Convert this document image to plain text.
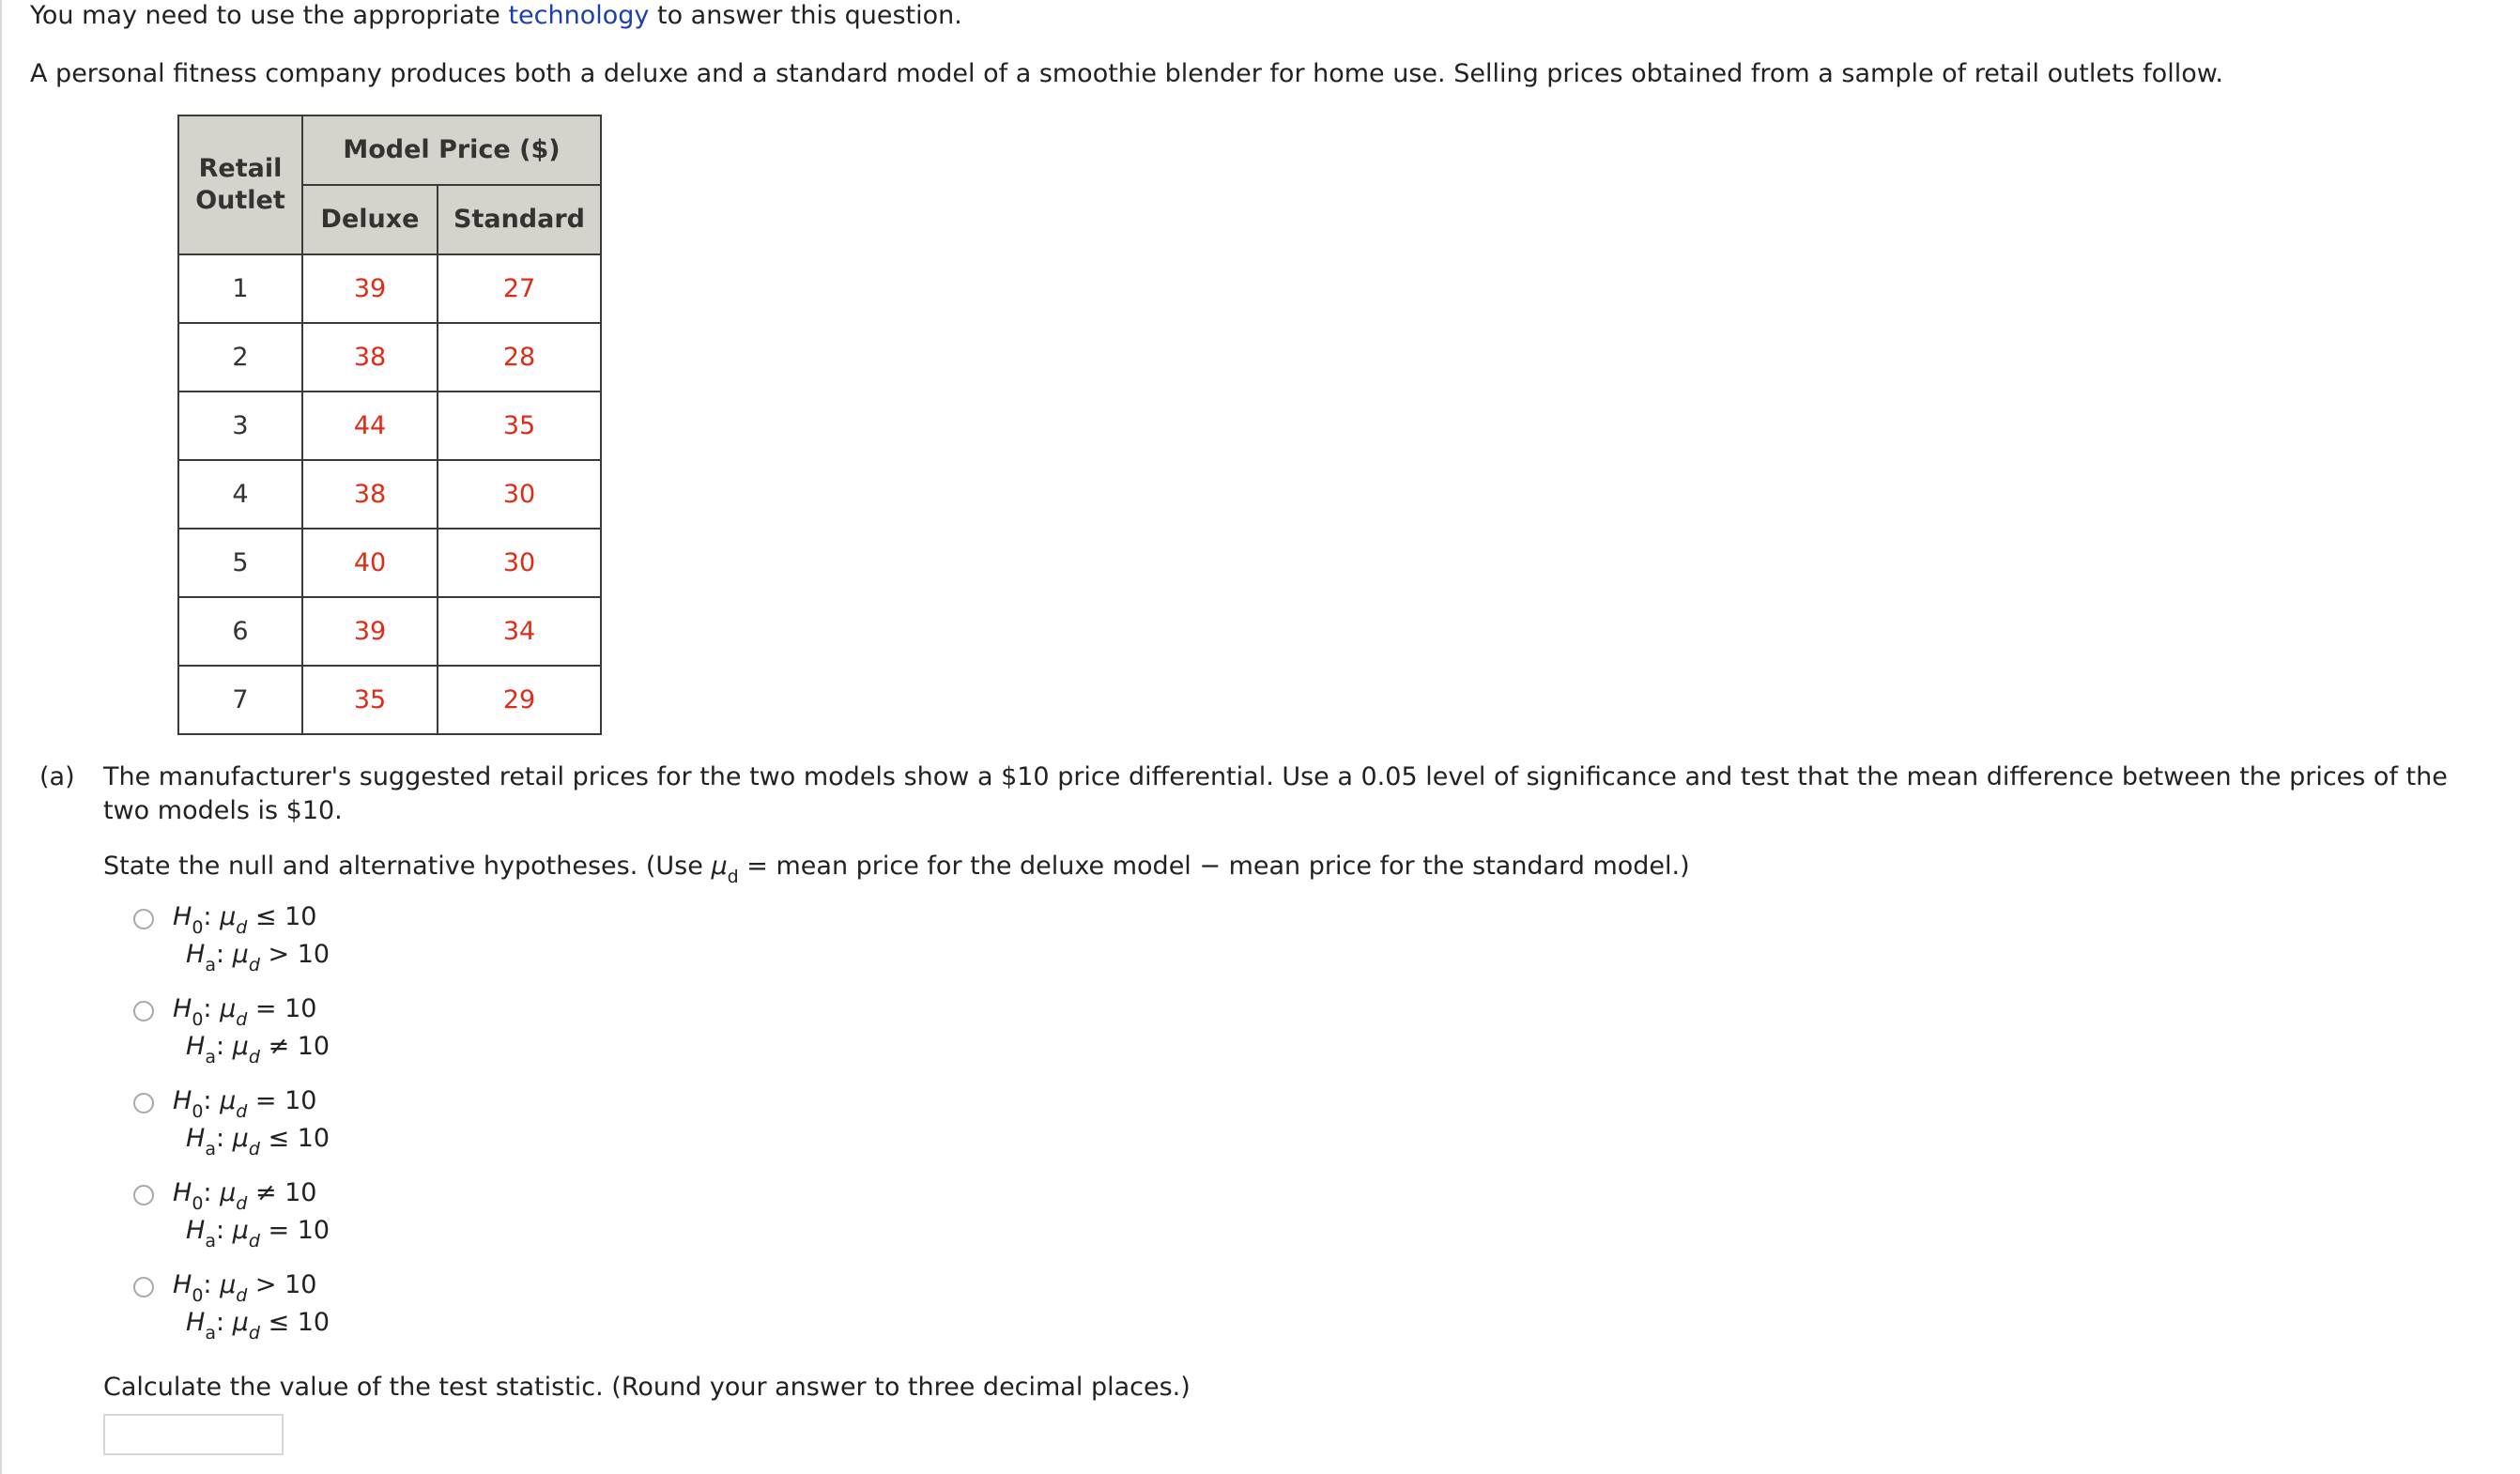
You may need to use the appropriate technology to answer this question.

A personal fitness company produces both a deluxe and a standard model of a smoothie blender for home use. Selling prices obtained from a sample of retail outlets follow.

Retail
Outlet	Model Price ($)	
	Deluxe	Standard
1	39	27
2	38	28
3	44	35
4	38	30
5	40	30
6	39	34
7	35	29
(a) The manufacturer's suggested retail prices for the two models show a $10 price differential. Use a 0.05 level of significance and test that the mean difference between the prices of the two models is $10.
State the null and alternative hypotheses. (Use $\mu_d$ = mean price for the deluxe model − mean price for the standard model.)
$H_0$: $\mu_d \le 10$
$H_a$: $\mu_d > 10$
$H_0$: $\mu_d = 10$
$H_a$: $\mu_d \ne 10$
$H_0$: $\mu_d = 10$
$H_a$: $\mu_d \le 10$
$H_0$: $\mu_d \ne 10$
$H_a$: $\mu_d = 10$
$H_0$: $\mu_d > 10$
$H_a$: $\mu_d \le 10$
Calculate the value of the test statistic. (Round your answer to three decimal places.)
